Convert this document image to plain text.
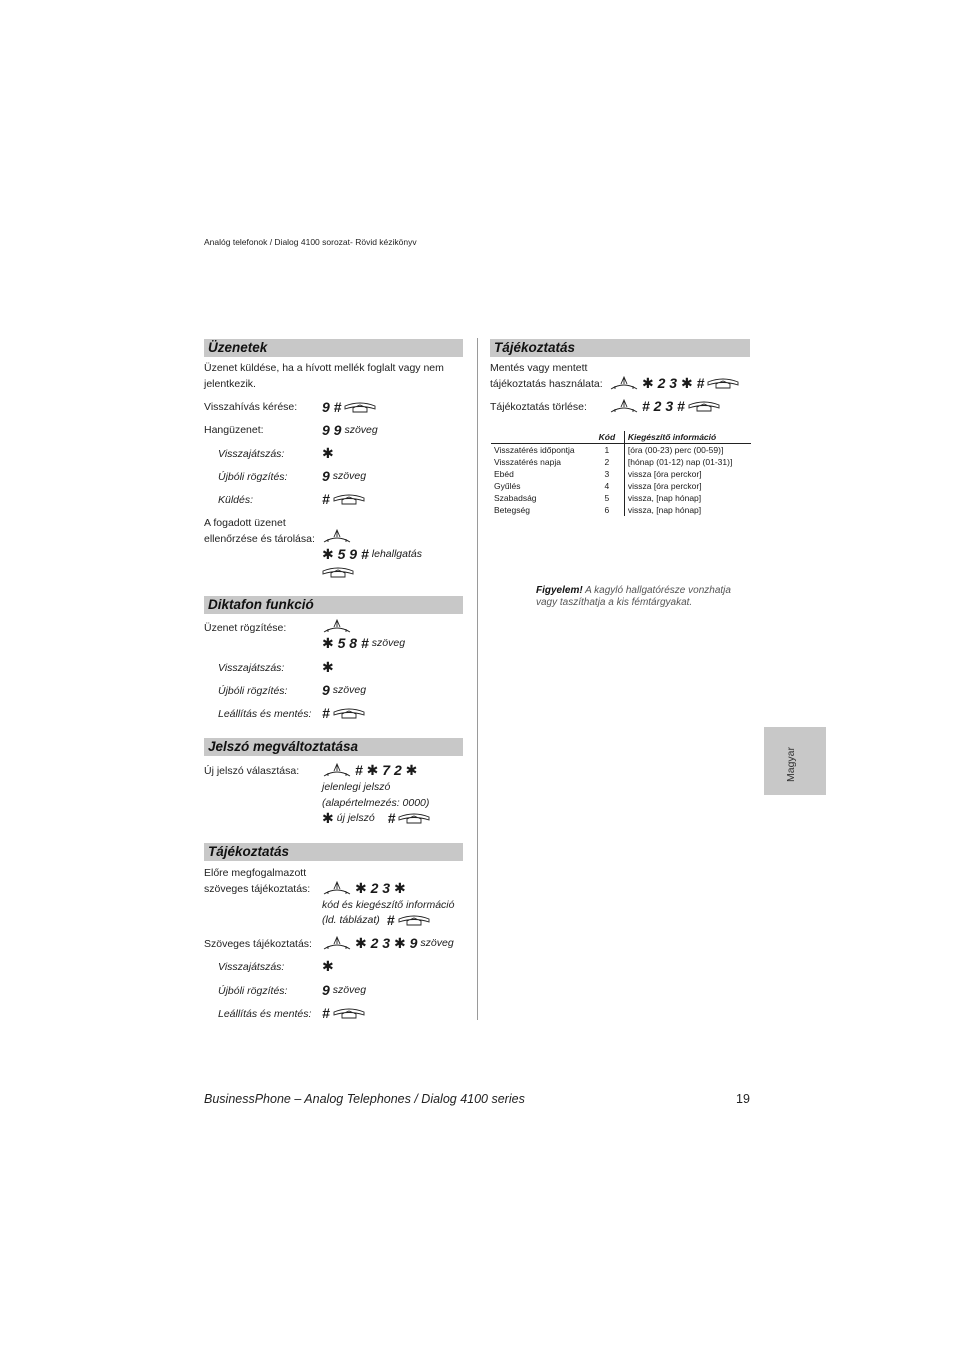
Analóg telefonok / Dialog 4100 sorozat- Rövid kézikönyv
Üzenetek
Üzenet küldése, ha a hívott mellék foglalt vagy nem jelentkezik.
Visszahívás kérése: 9 #
Hangüzenet:	9 9 szöveg
Visszajátszás:	✱
Újbóli rögzítés: 9 szöveg
Küldés:	#
A fogadott üzenet ellenőrzése és tárolása:
✱ 5 9 # lehallgatás
Diktafon funkció
Üzenet rögzítése:
✱ 5 8 # szöveg
Visszajátszás:	✱
Újbóli rögzítés: 9 szöveg
Leállítás és mentés: #
Jelszó megváltoztatása
Új jelszó választása:	# ✱ 7 2 ✱
jelenlegi jelszó
(alapértelmezés: 0000)
✱ új jelszó #
Tájékoztatás
Előre megfogalmazott szöveges tájékoztatás:	✱ 2 3 ✱
kód és kiegészítő információ
(ld. táblázat) #
Szöveges tájékoztatás:	✱ 2 3 ✱ 9 szöveg
Visszajátszás:	✱
Újbóli rögzítés: 9 szöveg
Leállítás és mentés: #
Tájékoztatás
Mentés vagy mentett tájékoztatás használata:	✱ 2 3 ✱ #
Tájékoztatás törlése:	# 2 3 #
	Kód	Kiegészítő információ
Visszatérés időpontja	1	[óra (00-23) perc (00-59)]
Visszatérés napja	2	[hónap (01-12) nap (01-31)]
Ebéd	3	vissza [óra perckor]
Gyűlés	4	vissza [óra perckor]
Szabadság	5	vissza, [nap hónap]
Betegség	6	vissza, [nap hónap]
Figyelem! A kagyló hallgatórésze vonzhatja vagy taszíthatja a kis fémtárgyakat.
Magyar
BusinessPhone – Analog Telephones / Dialog 4100 series	19
